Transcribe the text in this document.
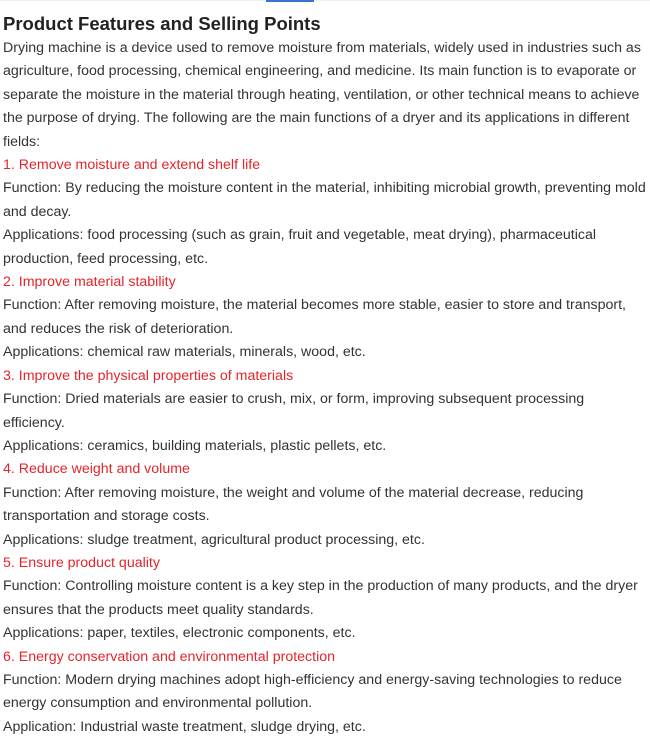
Product Features and Selling Points

Drying machine is a device used to remove moisture from materials, widely used in industries such as agriculture, food processing, chemical engineering, and medicine. Its main function is to evaporate or separate the moisture in the material through heating, ventilation, or other technical means to achieve the purpose of drying. The following are the main functions of a dryer and its applications in different fields:

1. Remove moisture and extend shelf life

Function: By reducing the moisture content in the material, inhibiting microbial growth, preventing mold and decay.

Applications: food processing (such as grain, fruit and vegetable, meat drying), pharmaceutical production, feed processing, etc.

2. Improve material stability

Function: After removing moisture, the material becomes more stable, easier to store and transport, and reduces the risk of deterioration.

Applications: chemical raw materials, minerals, wood, etc.

3. Improve the physical properties of materials

Function: Dried materials are easier to crush, mix, or form, improving subsequent processing efficiency.

Applications: ceramics, building materials, plastic pellets, etc.

4. Reduce weight and volume

Function: After removing moisture, the weight and volume of the material decrease, reducing transportation and storage costs.

Applications: sludge treatment, agricultural product processing, etc.

5. Ensure product quality

Function: Controlling moisture content is a key step in the production of many products, and the dryer ensures that the products meet quality standards.

Applications: paper, textiles, electronic components, etc.

6. Energy conservation and environmental protection

Function: Modern drying machines adopt high-efficiency and energy-saving technologies to reduce energy consumption and environmental pollution.

Application: Industrial waste treatment, sludge drying, etc.
